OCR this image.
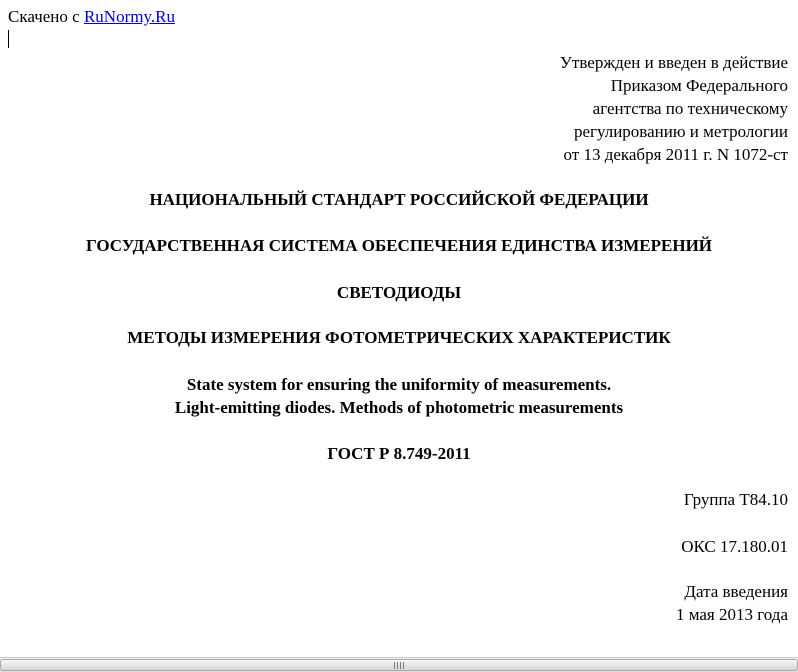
Скачено с RuNormy.Ru

Утвержден и введен в действие

Приказом Федерального

агентства по техническому

регулированию и метрологии

от 13 декабря 2011 г. N 1072-ст

НАЦИОНАЛЬНЫЙ СТАНДАРТ РОССИЙСКОЙ ФЕДЕРАЦИИ

ГОСУДАРСТВЕННАЯ СИСТЕМА ОБЕСПЕЧЕНИЯ ЕДИНСТВА ИЗМЕРЕНИЙ

СВЕТОДИОДЫ

МЕТОДЫ ИЗМЕРЕНИЯ ФОТОМЕТРИЧЕСКИХ ХАРАКТЕРИСТИК

State system for ensuring the uniformity of measurements.

Light-emitting diodes. Methods of photometric measurements

ГОСТ Р 8.749-2011

Группа Т84.10

ОКС 17.180.01

Дата введения

1 мая 2013 года
